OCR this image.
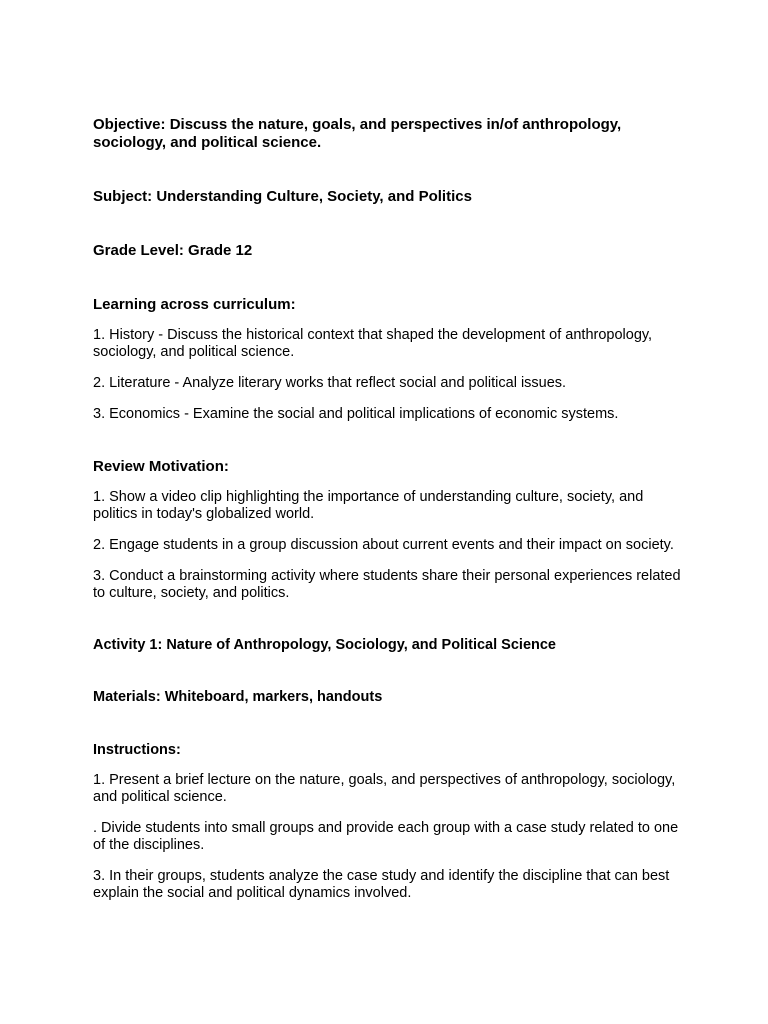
Objective: Discuss the nature, goals, and perspectives in/of anthropology, sociology, and political science.

Subject: Understanding Culture, Society, and Politics

Grade Level: Grade 12

Learning across curriculum:

1. History - Discuss the historical context that shaped the development of anthropology, sociology, and political science.

2. Literature - Analyze literary works that reflect social and political issues.

3. Economics - Examine the social and political implications of economic systems.

Review Motivation:

1. Show a video clip highlighting the importance of understanding culture, society, and politics in today's globalized world.

2. Engage students in a group discussion about current events and their impact on society.

3. Conduct a brainstorming activity where students share their personal experiences related to culture, society, and politics.

Activity 1: Nature of Anthropology, Sociology, and Political Science

Materials: Whiteboard, markers, handouts

Instructions:

1. Present a brief lecture on the nature, goals, and perspectives of anthropology, sociology, and political science.

. Divide students into small groups and provide each group with a case study related to one of the disciplines.

3. In their groups, students analyze the case study and identify the discipline that can best explain the social and political dynamics involved.
